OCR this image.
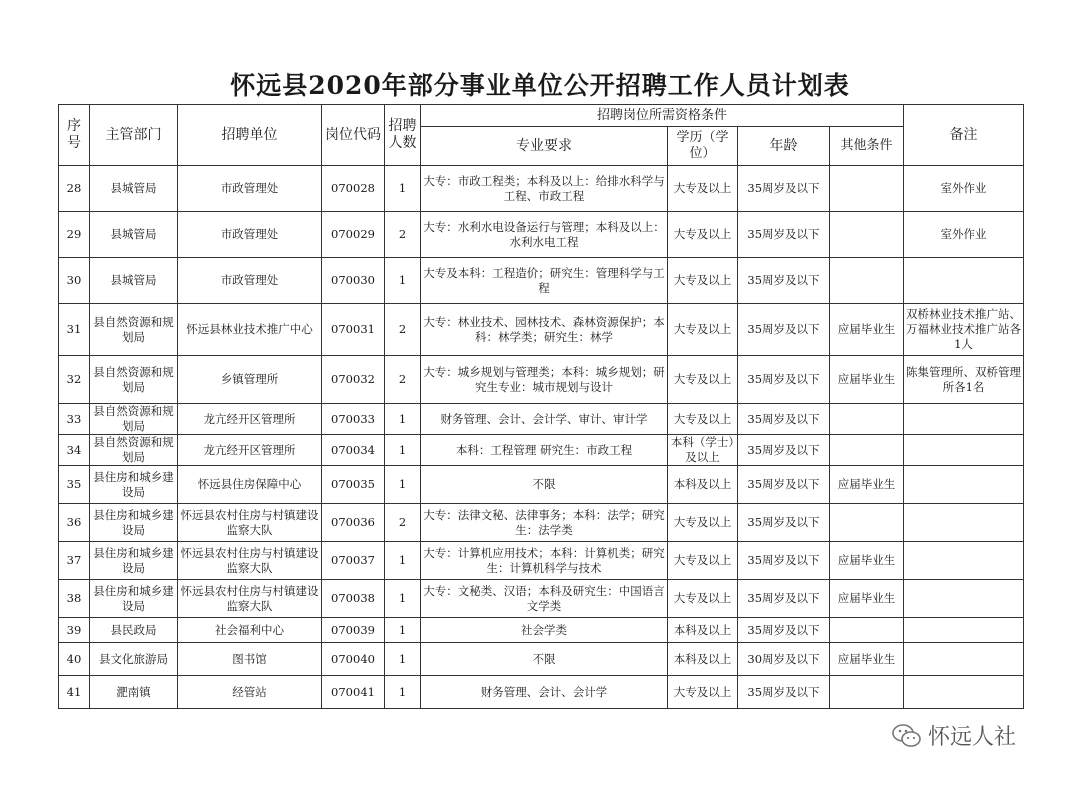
怀远县2020年部分事业单位公开招聘工作人员计划表
序号	主管部门	招聘单位	岗位代码	招聘人数	招聘岗位所需资格条件				备注
					专业要求	学历（学位）	年龄	其他条件	
28	县城管局	市政管理处	070028	1	大专：市政工程类；本科及以上：给排水科学与工程、市政工程	大专及以上	35周岁及以下		室外作业
29	县城管局	市政管理处	070029	2	大专：水利水电设备运行与管理；本科及以上：水利水电工程	大专及以上	35周岁及以下		室外作业
30	县城管局	市政管理处	070030	1	大专及本科：工程造价；研究生：管理科学与工程	大专及以上	35周岁及以下		
31	县自然资源和规划局	怀远县林业技术推广中心	070031	2	大专：林业技术、园林技术、森林资源保护；本科：林学类；研究生：林学	大专及以上	35周岁及以下	应届毕业生	双桥林业技术推广站、万福林业技术推广站各1人
32	县自然资源和规划局	乡镇管理所	070032	2	大专：城乡规划与管理类；本科：城乡规划；研究生专业：城市规划与设计	大专及以上	35周岁及以下	应届毕业生	陈集管理所、双桥管理所各1名
33	县自然资源和规划局	龙亢经开区管理所	070033	1	财务管理、会计、会计学、审计、审计学	大专及以上	35周岁及以下		
34	县自然资源和规划局	龙亢经开区管理所	070034	1	本科：工程管理 研究生：市政工程	本科（学士）及以上	35周岁及以下		
35	县住房和城乡建设局	怀远县住房保障中心	070035	1	不限	本科及以上	35周岁及以下	应届毕业生	
36	县住房和城乡建设局	怀远县农村住房与村镇建设监察大队	070036	2	大专：法律文秘、法律事务；本科：法学；研究生：法学类	大专及以上	35周岁及以下		
37	县住房和城乡建设局	怀远县农村住房与村镇建设监察大队	070037	1	大专：计算机应用技术；本科：计算机类；研究生：计算机科学与技术	大专及以上	35周岁及以下	应届毕业生	
38	县住房和城乡建设局	怀远县农村住房与村镇建设监察大队	070038	1	大专：文秘类、汉语；本科及研究生：中国语言文学类	大专及以上	35周岁及以下	应届毕业生	
39	县民政局	社会福利中心	070039	1	社会学类	本科及以上	35周岁及以下		
40	县文化旅游局	图书馆	070040	1	不限	本科及以上	30周岁及以下	应届毕业生	
41	淝南镇	经管站	070041	1	财务管理、会计、会计学	大专及以上	35周岁及以下		
怀远人社
